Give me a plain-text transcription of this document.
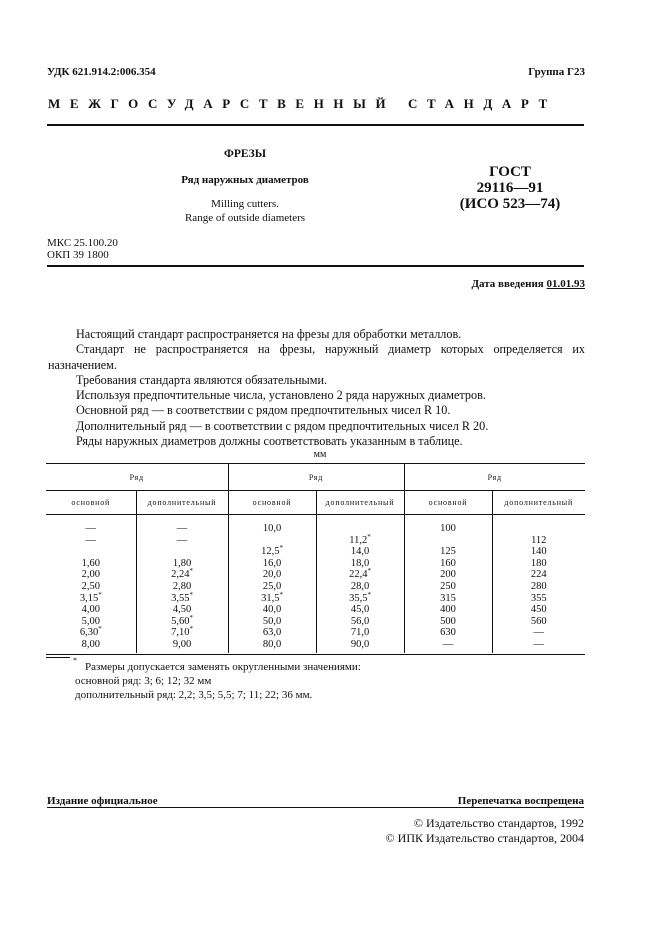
УДК 621.914.2:006.354	Группа Г23
МЕЖГОСУДАРСТВЕННЫЙ СТАНДАРТ
ФРЕЗЫ
Ряд наружных диаметров
Milling cutters.
Range of outside diameters
ГОСТ
29116—91
(ИСО 523—74)
МКС 25.100.20
ОКП 39 1800
Дата введения 01.01.93

Настоящий стандарт распространяется на фрезы для обработки металлов.

Стандарт не распространяется на фрезы, наружный диаметр которых определяется их назначением.

Требования стандарта являются обязательными.

Используя предпочтительные числа, установлено 2 ряда наружных диаметров.

Основной ряд — в соответствии с рядом предпочтительных чисел R 10.

Дополнительный ряд — в соответствии с рядом предпочтительных чисел R 20.

Ряды наружных диаметров должны соответствовать указанным в таблице.

мм
Ряд		Ряд		Ряд	
основной	дополнительный	основной	дополнительный	основной	дополнительный
—	—	10,0		100	
—	—		11,2*		112
		12,5*	14,0	125	140
1,60	1,80	16,0	18,0	160	180
2,00	2,24*	20,0	22,4*	200	224
2,50	2,80	25,0	28,0	250	280
3,15*	3,55*	31,5*	35,5*	315	355
4,00	4,50	40,0	45,0	400	450
5,00	5,60*	50,0	56,0	500	560
6,30*	7,10*	63,0	71,0	630	—
8,00	9,00	80,0	90,0	—	—
*
Размеры допускается заменять округленными значениями:
основной ряд: 3; 6; 12; 32 мм
дополнительный ряд: 2,2; 3,5; 5,5; 7; 11; 22; 36 мм.
Издание официальное	Перепечатка воспрещена
© Издательство стандартов, 1992
© ИПК Издательство стандартов, 2004
